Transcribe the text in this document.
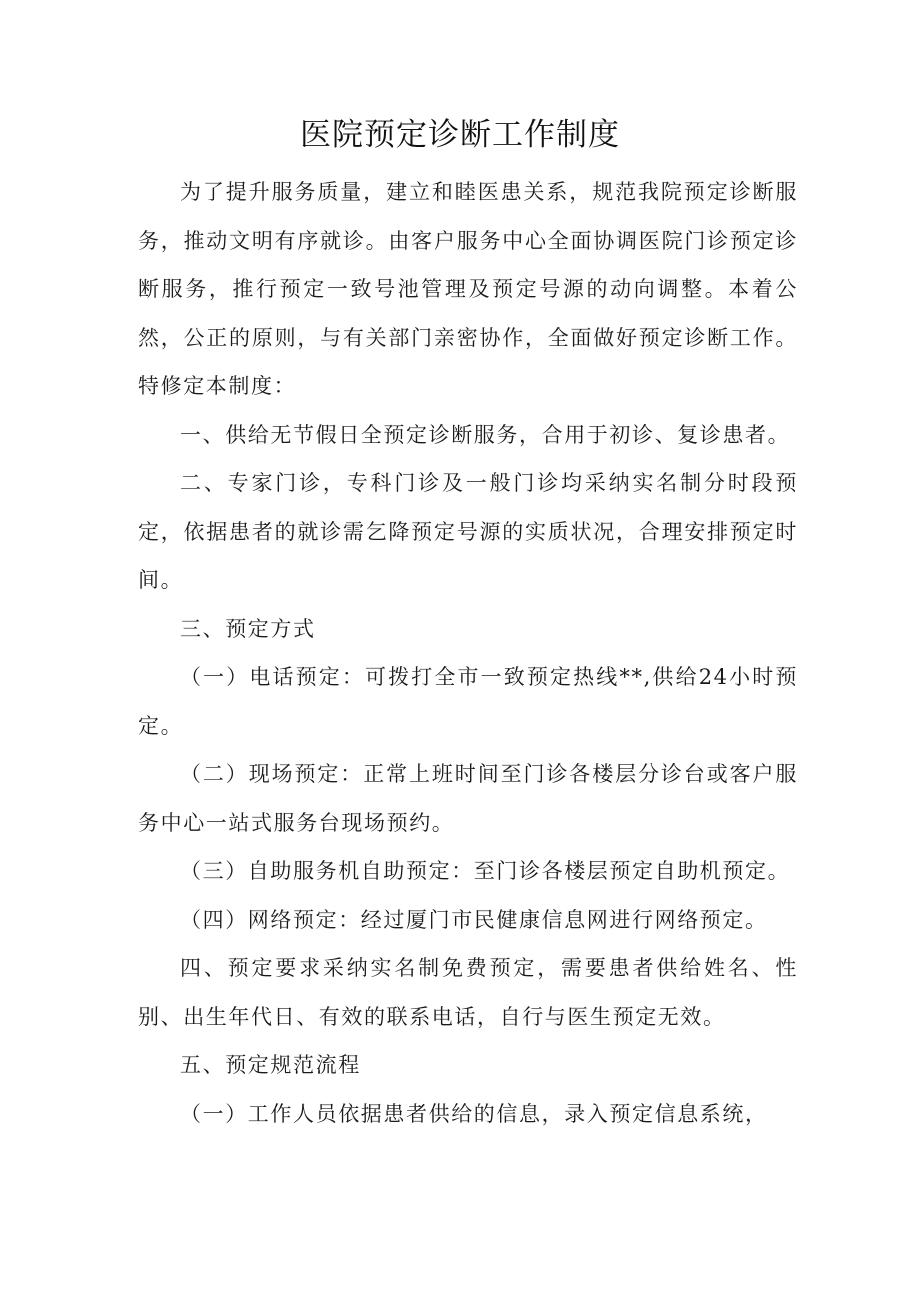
医院预定诊断工作制度

为了提升服务质量，建立和睦医患关系，规范我院预定诊断服务，推动文明有序就诊。由客户服务中心全面协调医院门诊预定诊断服务，推行预定一致号池管理及预定号源的动向调整。本着公然，公正的原则，与有关部门亲密协作，全面做好预定诊断工作。特修定本制度：

一、供给无节假日全预定诊断服务，合用于初诊、复诊患者。

二、专家门诊，专科门诊及一般门诊均采纳实名制分时段预定，依据患者的就诊需乞降预定号源的实质状况，合理安排预定时间。

三、预定方式

（一）电话预定：可拨打全市一致预定热线**,供给24小时预定。

（二）现场预定：正常上班时间至门诊各楼层分诊台或客户服务中心一站式服务台现场预约。

（三）自助服务机自助预定：至门诊各楼层预定自助机预定。

（四）网络预定：经过厦门市民健康信息网进行网络预定。

四、预定要求采纳实名制免费预定，需要患者供给姓名、性别、出生年代日、有效的联系电话，自行与医生预定无效。

五、预定规范流程

（一）工作人员依据患者供给的信息，录入预定信息系统，
